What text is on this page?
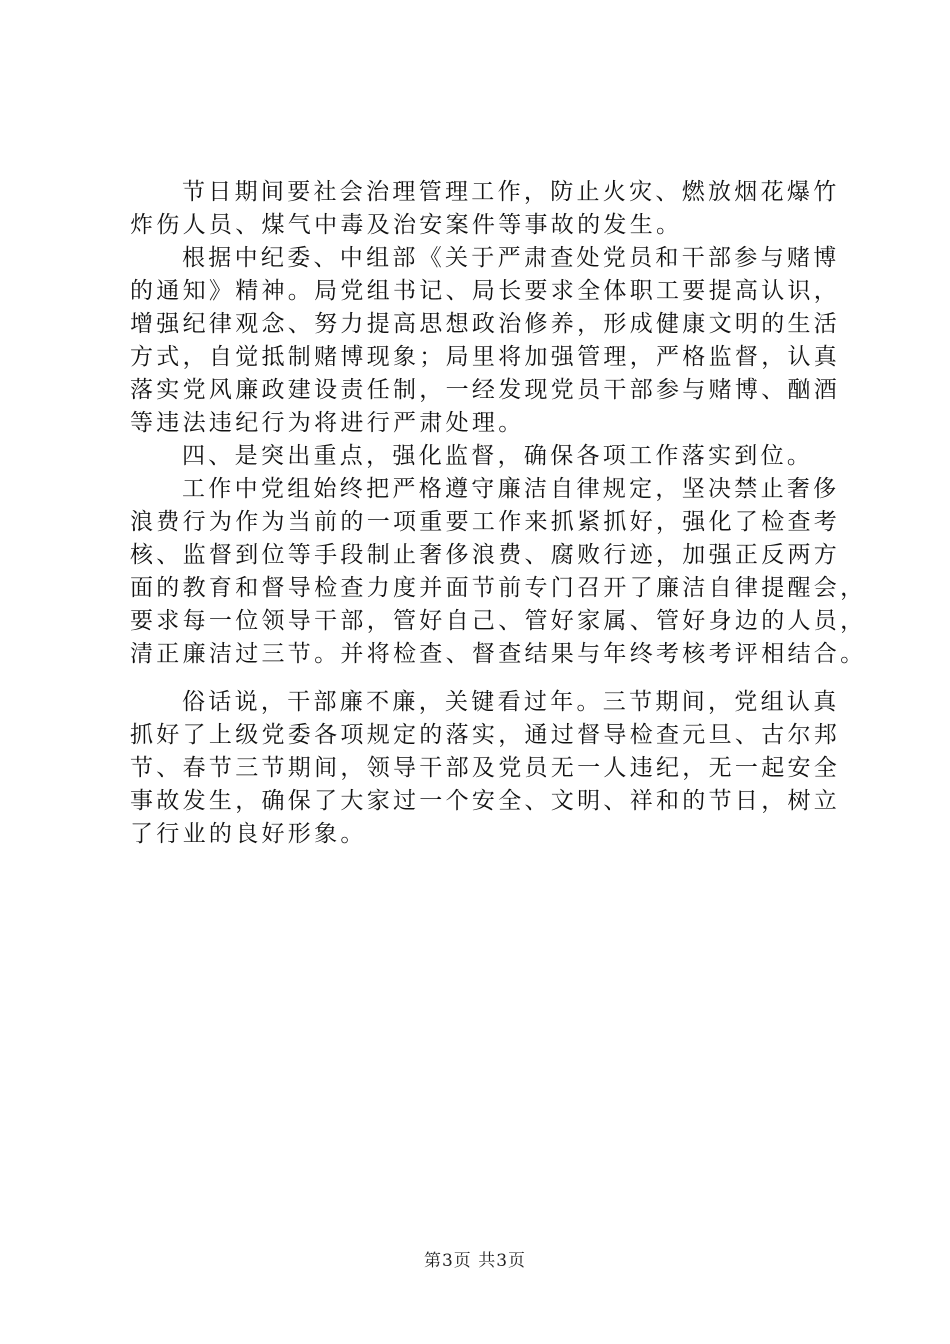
节日期间要社会治理管理工作，防止火灾、燃放烟花爆竹
炸伤人员、煤气中毒及治安案件等事故的发生。
根据中纪委、中组部《关于严肃查处党员和干部参与赌博
的通知》精神。局党组书记、局长要求全体职工要提高认识，
增强纪律观念、努力提高思想政治修养，形成健康文明的生活
方式，自觉抵制赌博现象；局里将加强管理，严格监督，认真
落实党风廉政建设责任制，一经发现党员干部参与赌博、酗酒
等违法违纪行为将进行严肃处理。
四、是突出重点，强化监督，确保各项工作落实到位。
工作中党组始终把严格遵守廉洁自律规定，坚决禁止奢侈
浪费行为作为当前的一项重要工作来抓紧抓好，强化了检查考
核、监督到位等手段制止奢侈浪费、腐败行迹，加强正反两方
面的教育和督导检查力度并面节前专门召开了廉洁自律提醒会，
要求每一位领导干部，管好自己、管好家属、管好身边的人员，
清正廉洁过三节。并将检查、督查结果与年终考核考评相结合。
俗话说，干部廉不廉，关键看过年。三节期间，党组认真
抓好了上级党委各项规定的落实，通过督导检查元旦、古尔邦
节、春节三节期间，领导干部及党员无一人违纪，无一起安全
事故发生，确保了大家过一个安全、文明、祥和的节日，树立
了行业的良好形象。
第3页 共3页
